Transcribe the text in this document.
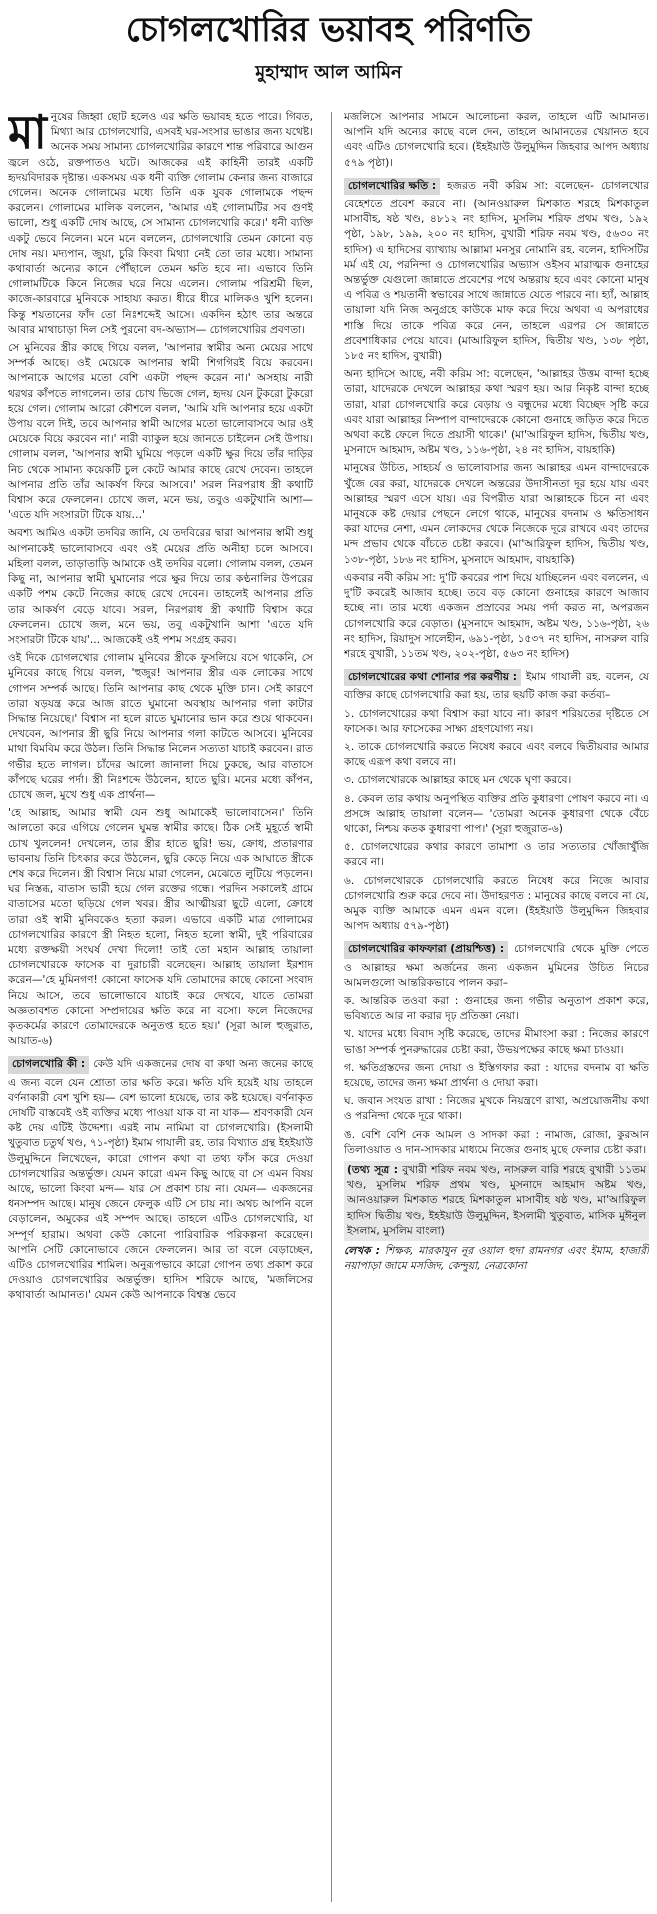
চোগলখোরির ভয়াবহ পরিণতি
মুহাম্মাদ আল আমিন

মানুষের জিহ্বা ছোট হলেও এর ক্ষতি ভয়াবহ হতে পারে। গিবত, মিথ্যা আর চোগলখোরি, এসবই ঘর-সংসার ভাঙার জন্য যথেষ্ট। অনেক সময় সামান্য চোগলখোরির কারণে শান্ত পরিবারে আগুন জ্বলে ওঠে, রক্তপাতও ঘটে। আজকের এই কাহিনী তারই একটি হৃদয়বিদারক দৃষ্টান্ত। একসময় এক ধনী ব্যক্তি গোলাম কেনার জন্য বাজারে গেলেন। অনেক গোলামের মধ্যে তিনি এক যুবক গোলামকে পছন্দ করলেন। গোলামের মালিক বললেন, 'আমার এই গোলামটির সব গুণই ভালো, শুধু একটি দোষ আছে, সে সামান্য চোগলখোরি করে।' ধনী ব্যক্তি একটু ভেবে নিলেন। মনে মনে বললেন, চোগলখোরি তেমন কোনো বড় দোষ নয়। মদ্যপান, জুয়া, চুরি কিংবা মিথ্যা নেই তো তার মধ্যে। সামান্য কথাবার্তা অন্যের কানে পৌঁছালে তেমন ক্ষতি হবে না। এভাবে তিনি গোলামটিকে কিনে নিজের ঘরে নিয়ে এলেন। গোলাম পরিশ্রমী ছিল, কাজে-কারবারে মুনিবকে সাহায্য করত। ধীরে ধীরে মালিকও খুশি হলেন। কিন্তু শয়তানের ফাঁদ তো নিঃশব্দেই আসে। একদিন হঠাৎ তার অন্তরে আবার মাথাচাড়া দিল সেই পুরনো বদ-অভ্যাস— চোগলখোরির প্রবণতা।

সে মুনিবের স্ত্রীর কাছে গিয়ে বলল, 'আপনার স্বামীর অন্য মেয়ের সাথে সম্পর্ক আছে। ওই মেয়েকে আপনার স্বামী শিগগিরই বিয়ে করবেন। আপনাকে আগের মতো বেশি একটা পছন্দ করেন না।' অসহায় নারী থরথর কাঁপতে লাগলেন। তার চোখ ভিজে গেল, হৃদয় যেন টুকরো টুকরো হয়ে গেল। গোলাম আরো কৌশলে বলল, 'আমি যদি আপনার হয়ে একটা উপায় বলে দিই, তবে আপনার স্বামী আগের মতো ভালোবাসবে আর ওই মেয়েকে বিয়ে করবেন না।' নারী ব্যাকুল হয়ে জানতে চাইলেন সেই উপায়। গোলাম বলল, 'আপনার স্বামী ঘুমিয়ে পড়লে একটি ক্ষুর দিয়ে তাঁর দাড়ির নিচ থেকে সামান্য কয়েকটি চুল কেটে আমার কাছে রেখে দেবেন। তাহলে আপনার প্রতি তাঁর আকর্ষণ ফিরে আসবে।' সরল নিরপরাধ স্ত্রী কথাটি বিশ্বাস করে ফেললেন। চোখে জল, মনে ভয়, তবুও একটুখানি আশা— 'এতে যদি সংসারটা টিকে যায়…'

অবশ্য আমিও একটা তদবির জানি, যে তদবিরের দ্বারা আপনার স্বামী শুধু আপনাকেই ভালোবাসবে এবং ওই মেয়ের প্রতি অনীহা চলে আসবে। মহিলা বলল, তাড়াতাড়ি আমাকে ওই তদবির বলো। গোলাম বলল, তেমন কিছু না, আপনার স্বামী ঘুমানোর পরে ক্ষুর দিয়ে তার কণ্ঠনালির উপরের একটি পশম কেটে নিজের কাছে রেখে দেবেন। তাহলেই আপনার প্রতি তার আকর্ষণ বেড়ে যাবে। সরল, নিরপরাধ স্ত্রী কথাটি বিশ্বাস করে ফেললেন। চোখে জল, মনে ভয়, তবু একটুখানি আশা 'এতে যদি সংসারটা টিকে যায়'... আজকেই ওই পশম সংগ্রহ করব।

ওই দিকে চোগলখোর গোলাম মুনিবের স্ত্রীকে ফুসলিয়ে বসে থাকেনি, সে মুনিবের কাছে গিয়ে বলল, 'হুজুর! আপনার স্ত্রীর এক লোকের সাথে গোপন সম্পর্ক আছে। তিনি আপনার কাছ থেকে মুক্তি চান। সেই কারণে তারা ষড়যন্ত্র করে আজ রাতে ঘুমানো অবস্থায় আপনার গলা কাটার সিদ্ধান্ত নিয়েছে।' বিশ্বাস না হলে রাতে ঘুমানোর ভান করে শুয়ে থাকবেন। দেখবেন, আপনার স্ত্রী ছুরি নিয়ে আপনার গলা কাটতে আসবে। মুনিবের মাথা বিমবিম করে উঠল। তিনি সিদ্ধান্ত নিলেন সত্যতা যাচাই করবেন। রাত গভীর হতে লাগল। চাঁদের আলো জানালা দিয়ে ঢুকছে, আর বাতাসে কাঁপছে ঘরের পর্দা। স্ত্রী নিঃশব্দে উঠলেন, হাতে ছুরি। মনের মধ্যে কাঁপন, চোখে জল, মুখে শুধু এক প্রার্থনা—

'হে আল্লাহ, আমার স্বামী যেন শুধু আমাকেই ভালোবাসেন।' তিনি আলতো করে এগিয়ে গেলেন ঘুমন্ত স্বামীর কাছে। ঠিক সেই মুহূর্তে স্বামী চোখ খুললেন! দেখলেন, তার স্ত্রীর হাতে ছুরি! ভয়, ক্রোধ, প্রতারণার ভাবনায় তিনি চিৎকার করে উঠলেন, ছুরি কেড়ে নিয়ে এক আঘাতে স্ত্রীকে শেষ করে দিলেন। স্ত্রী বিশ্বাস নিয়ে মারা গেলেন, মেঝেতে লুটিয়ে পড়লেন। ঘর নিস্তব্ধ, বাতাস ভারী হয়ে গেল রক্তের গন্ধে। পরদিন সকালেই গ্রামে বাতাসের মতো ছড়িয়ে গেল খবর। স্ত্রীর আত্মীয়রা ছুটে এলো, ক্রোধে তারা ওই স্বামী মুনিবকেও হত্যা করল। এভাবে একটি মাত্র গোলামের চোগলখোরির কারণে স্ত্রী নিহত হলো, নিহত হলো স্বামী, দুই পরিবারের মধ্যে রক্তক্ষয়ী সংঘর্ষ দেখা দিলো! তাই তো মহান আল্লাহ তায়ালা চোগলখোরকে ফাসেক বা দুরাচারী বলেছেন। আল্লাহ তায়ালা ইরশাদ করেন—'হে মুমিনগণ! কোনো ফাসেক যদি তোমাদের কাছে কোনো সংবাদ নিয়ে আসে, তবে ভালোভাবে যাচাই করে দেখবে, যাতে তোমরা অজ্ঞতাবশত কোনো সম্প্রদায়ের ক্ষতি করে না বসো। ফলে নিজেদের কৃতকর্মের কারণে তোমাদেরকে অনুতপ্ত হতে হয়।' (সূরা আল হুজুরাত, আয়াত-৬)

চোগলখোরি কী : কেউ যদি একজনের দোষ বা কথা অন্য জনের কাছে এ জন্য বলে যেন শ্রোতা তার ক্ষতি করে। ক্ষতি যদি হয়েই যায় তাহলে বর্ণনাকারী বেশ খুশি হয়— বেশ ভালো হয়েছে, তার কষ্ট হয়েছে। বর্ণনাকৃত দোষটি বাস্তবেই ওই ব্যক্তির মধ্যে পাওয়া যাক বা না যাক— শ্রবণকারী যেন কষ্ট দেয় এটিই উদ্দেশ্য। এরই নাম নামিমা বা চোগলখোরি। (ইসলামী খুতুবাত চতুর্থ খণ্ড, ৭১-পৃষ্ঠা) ইমাম গাযালী রহ. তার বিখ্যাত গ্রন্থ ইহইয়াউ উলুমুদ্দিনে লিখেছেন, কারো গোপন কথা বা তথ্য ফাঁস করে দেওয়া চোগলখোরির অন্তর্ভুক্ত। যেমন কারো এমন কিছু আছে বা সে এমন বিষয় আছে, ভালো কিংবা মন্দ— যার সে প্রকাশ চায় না। যেমন— একজনের ধনসম্পদ আছে। মানুষ জেনে ফেলুক এটি সে চায় না। অথচ আপনি বলে বেড়ালেন, অমুকের এই সম্পদ আছে। তাহলে এটিও চোগলখোরি, যা সম্পূর্ণ হারাম। অথবা কেউ কোনো পারিবারিক পরিকল্পনা করেছেন। আপনি সেটি কোনোভাবে জেনে ফেললেন। আর তা বলে বেড়াচ্ছেন, এটিও চোগলখোরির শামিল। অনুরূপভাবে কারো গোপন তথ্য প্রকাশ করে দেওয়াও চোগলখোরির অন্তর্ভুক্ত। হাদিস শরিফে আছে, 'মজলিসের কথাবার্তা আমানত।' যেমন কেউ আপনাকে বিশ্বস্ত ভেবে

মজলিসে আপনার সামনে আলোচনা করল, তাহলে এটি আমানত। আপনি যদি অন্যের কাছে বলে দেন, তাহলে আমানতের খেয়ানত হবে এবং এটিও চোগলখোরি হবে। (ইহইয়াউ উলুমুদ্দিন জিহবার আপদ অধ্যায় ৫৭৯ পৃষ্ঠা)।

চোগলখোরির ক্ষতি : হজরত নবী করিম সা: বলেছেন- চোগলখোর বেহেশতে প্রবেশ করবে না। (আনওয়ারুল মিশকাত শরহে মিশকাতুল মাসাবীহ, ষষ্ঠ খণ্ড, ৪৮১২ নং হাদিস, মুসলিম শরিফ প্রথম খণ্ড, ১৯২ পৃষ্ঠা, ১৯৮, ১৯৯, ২০০ নং হাদিস, বুখারী শরিফ নবম খণ্ড, ৫৬৩০ নং হাদিস) এ হাদিসের ব্যাখ্যায় আল্লামা মনসুর নোমানি রহ. বলেন, হাদিসটির মর্ম এই যে, পরনিন্দা ও চোগলখোরির অভ্যাস ওইসব মারাত্মক গুনাহের অন্তর্ভুক্ত যেগুলো জান্নাতে প্রবেশের পথে অন্তরায় হবে এবং কোনো মানুষ এ পবিত্র ও শয়তানী স্বভাবের সাথে জান্নাতে যেতে পারবে না। হ্যাঁ, আল্লাহ তায়ালা যদি নিজ অনুগ্রহে কাউকে মাফ করে দিয়ে অথবা এ অপরাধের শাস্তি দিয়ে তাকে পবিত্র করে নেন, তাহলে এরপর সে জান্নাতে প্রবেশাধিকার পেয়ে যাবে। (মাআরিফুল হাদিস, দ্বিতীয় খণ্ড, ১৩৮ পৃষ্ঠা, ১৮৫ নং হাদিস, বুখারী)

অন্য হাদিসে আছে, নবী করিম সা: বলেছেন, 'আল্লাহর উত্তম বান্দা হচ্ছে তারা, যাদেরকে দেখলে আল্লাহর কথা স্মরণ হয়। আর নিকৃষ্ট বান্দা হচ্ছে তারা, যারা চোগলখোরি করে বেড়ায় ও বন্ধুদের মধ্যে বিচ্ছেদ সৃষ্টি করে এবং যারা আল্লাহর নিষ্পাপ বান্দাদেরকে কোনো গুনাহে জড়িত করে দিতে অথবা কষ্টে ফেলে দিতে প্রয়াসী থাকে।' (মা'আরিফুল হাদিস, দ্বিতীয় খণ্ড, মুসনাদে আহমাদ, অষ্টম খণ্ড, ১১৬-পৃষ্ঠা, ২৪ নং হাদিস, বায়হাকি)

মানুষের উচিত, সাহচর্য ও ভালোবাসার জন্য আল্লাহর এমন বান্দাদেরকে খুঁজে বের করা, যাদেরকে দেখলে অন্তরের উদাসীনতা দূর হয়ে যায় এবং আল্লাহর স্মরণ এসে যায়। এর বিপরীত যারা আল্লাহকে চিনে না এবং মানুষকে কষ্ট দেয়ার পেছনে লেগে থাকে, মানুষের বদনাম ও ক্ষতিসাধন করা যাদের নেশা, এমন লোকদের থেকে নিজেকে দূরে রাখবে এবং তাদের মন্দ প্রভাব থেকে বাঁচতে চেষ্টা করবে। (মা'আরিফুল হাদিস, দ্বিতীয় খণ্ড, ১৩৮-পৃষ্ঠা, ১৮৬ নং হাদিস, মুসনাদে আহমাদ, বায়হাকি)

একবার নবী করিম সা: দু'টি কবরের পাশ দিয়ে যাচ্ছিলেন এবং বললেন, এ দু'টি কবরেই আজাব হচ্ছে। তবে বড় কোনো গুনাহের কারণে আজাব হচ্ছে না। তার মধ্যে একজন প্রস্রাবের সময় পর্দা করত না, অপরজন চোগলখোরি করে বেড়াত। (মুসনাদে আহমাদ, অষ্টম খণ্ড, ১১৬-পৃষ্ঠা, ২৬ নং হাদিস, রিয়াদুস সালেহীন, ৬৯১-পৃষ্ঠা, ১৫৩৭ নং হাদিস, নাসরুল বারি শরহে বুখারী, ১১তম খণ্ড, ২০২-পৃষ্ঠা, ৫৬৩ নং হাদিস)

চোগলখোরের কথা শোনার পর করণীয় : ইমাম গাযালী রহ. বলেন, যে ব্যক্তির কাছে চোগলখোরি করা হয়, তার ছয়টি কাজ করা কর্তব্য–

১. চোগলখোরের কথা বিশ্বাস করা যাবে না। কারণ শরিয়তের দৃষ্টিতে সে ফাসেক। আর ফাসেকের সাক্ষ্য গ্রহণযোগ্য নয়।

২. তাকে চোগলখোরি করতে নিষেধ করবে এবং বলবে দ্বিতীয়বার আমার কাছে এরূপ কথা বলবে না।

৩. চোগলখোরকে আল্লাহর কাছে মন থেকে ঘৃণা করবে।

৪. কেবল তার কথায় অনুপস্থিত ব্যক্তির প্রতি কুধারণা পোষণ করবে না। এ প্রসঙ্গে আল্লাহ তায়ালা বলেন— 'তোমরা অনেক কুধারণা থেকে বেঁচে থাকো, নিশ্চয় কতক কুধারণা পাপ।' (সূরা হুজুরাত-৬)

৫. চোগলখোরের কথার কারণে তামাশা ও তার সত্যতার খোঁজাখুঁজি করবে না।

৬. চোগলখোরকে চোগলখোরি করতে নিষেধ করে নিজে আবার চোগলখোরি শুরু করে দেবে না। উদাহরণত : মানুষের কাছে বলবে না যে, অমুক ব্যক্তি আমাকে এমন এমন বলে। (ইহইয়াউ উলুমুদ্দিন জিহবার আপদ অধ্যায় ৫৭৯-পৃষ্ঠা)

চোগলখোরির কাফফারা (প্রায়শ্চিত্ত) : চোগলখোরি থেকে মুক্তি পেতে ও আল্লাহর ক্ষমা অর্জনের জন্য একজন মুমিনের উচিত নিচের আমলগুলো আন্তরিকভাবে পালন করা–

ক. আন্তরিক তওবা করা : গুনাহের জন্য গভীর অনুতাপ প্রকাশ করে, ভবিষ্যতে আর না করার দৃঢ় প্রতিজ্ঞা নেয়া।

খ. যাদের মধ্যে বিবাদ সৃষ্টি করেছে, তাদের মীমাংসা করা : নিজের কারণে ভাঙা সম্পর্ক পুনরুদ্ধারের চেষ্টা করা, উভয়পক্ষের কাছে ক্ষমা চাওয়া।

গ. ক্ষতিগ্রস্তদের জন্য দোয়া ও ইস্তিগফার করা : যাদের বদনাম বা ক্ষতি হয়েছে, তাদের জন্য ক্ষমা প্রার্থনা ও দোয়া করা।

ঘ. জবান সংযত রাখা : নিজের মুখকে নিয়ন্ত্রণে রাখা, অপ্রয়োজনীয় কথা ও পরনিন্দা থেকে দূরে থাকা।

ঙ. বেশি বেশি নেক আমল ও সাদকা করা : নামাজ, রোজা, কুরআন তিলাওয়াত ও দান-সাদকার মাধ্যমে নিজের গুনাহ মুছে ফেলার চেষ্টা করা।

(তথ্য সূত্র : বুখারী শরিফ নবম খণ্ড, নাসরুল বারি শরহে বুখারী ১১তম খণ্ড, মুসলিম শরিফ প্রথম খণ্ড, মুসনাদে আহমাদ অষ্টম খণ্ড, আনওয়ারুল মিশকাত শরহে মিশকাতুল মাসাবীহ ষষ্ঠ খণ্ড, মা'আরিফুল হাদিস দ্বিতীয় খণ্ড, ইহইয়াউ উলুমুদ্দিন, ইসলামী খুতুবাত, মাসিক মুঈনুল ইসলাম, মুসলিম বাংলা)

লেখক : শিক্ষক, মারকাযুন নূর ওয়াল হুদা রামনগর এবং ইমাম, হাজারী নয়াপাড়া জামে মসজিদ, কেন্দুয়া, নেত্রকোনা
